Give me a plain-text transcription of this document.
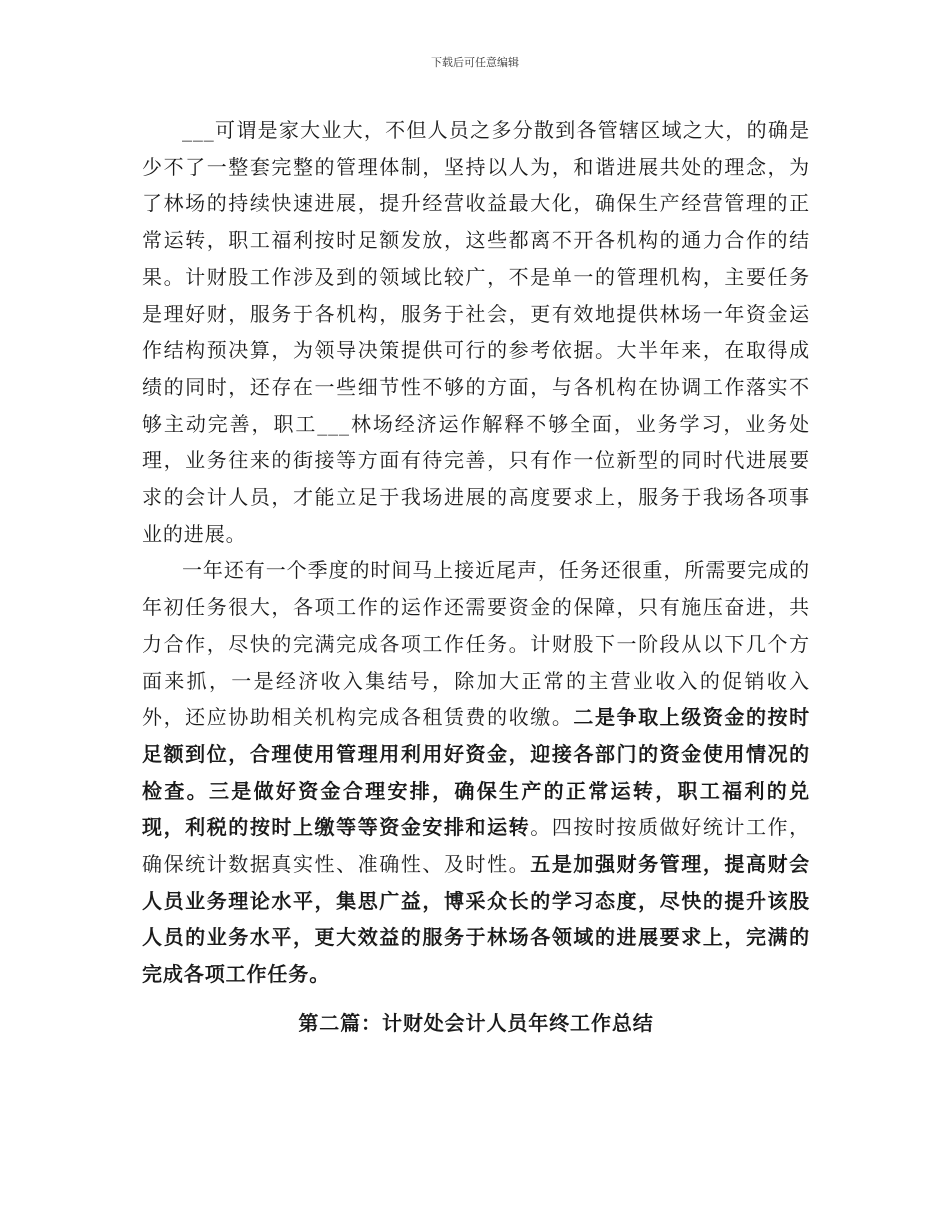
下载后可任意编辑

___可谓是家大业大，不但人员之多分散到各管辖区域之大，的确是少不了一整套完整的管理体制，坚持以人为，和谐进展共处的理念，为了林场的持续快速进展，提升经营收益最大化，确保生产经营管理的正常运转，职工福利按时足额发放，这些都离不开各机构的通力合作的结果。计财股工作涉及到的领域比较广，不是单一的管理机构，主要任务是理好财，服务于各机构，服务于社会，更有效地提供林场一年资金运作结构预决算，为领导决策提供可行的参考依据。大半年来，在取得成绩的同时，还存在一些细节性不够的方面，与各机构在协调工作落实不够主动完善，职工___林场经济运作解释不够全面，业务学习，业务处理，业务往来的街接等方面有待完善，只有作一位新型的同时代进展要求的会计人员，才能立足于我场进展的高度要求上，服务于我场各项事业的进展。

一年还有一个季度的时间马上接近尾声，任务还很重，所需要完成的年初任务很大，各项工作的运作还需要资金的保障，只有施压奋进，共力合作，尽快的完满完成各项工作任务。计财股下一阶段从以下几个方面来抓，一是经济收入集结号，除加大正常的主营业收入的促销收入外，还应协助相关机构完成各租赁费的收缴。二是争取上级资金的按时足额到位，合理使用管理用利用好资金，迎接各部门的资金使用情况的检查。三是做好资金合理安排，确保生产的正常运转，职工福利的兑现，利税的按时上缴等等资金安排和运转。四按时按质做好统计工作，确保统计数据真实性、准确性、及时性。五是加强财务管理，提高财会人员业务理论水平，集思广益，博采众长的学习态度，尽快的提升该股人员的业务水平，更大效益的服务于林场各领域的进展要求上，完满的完成各项工作任务。

第二篇：计财处会计人员年终工作总结
